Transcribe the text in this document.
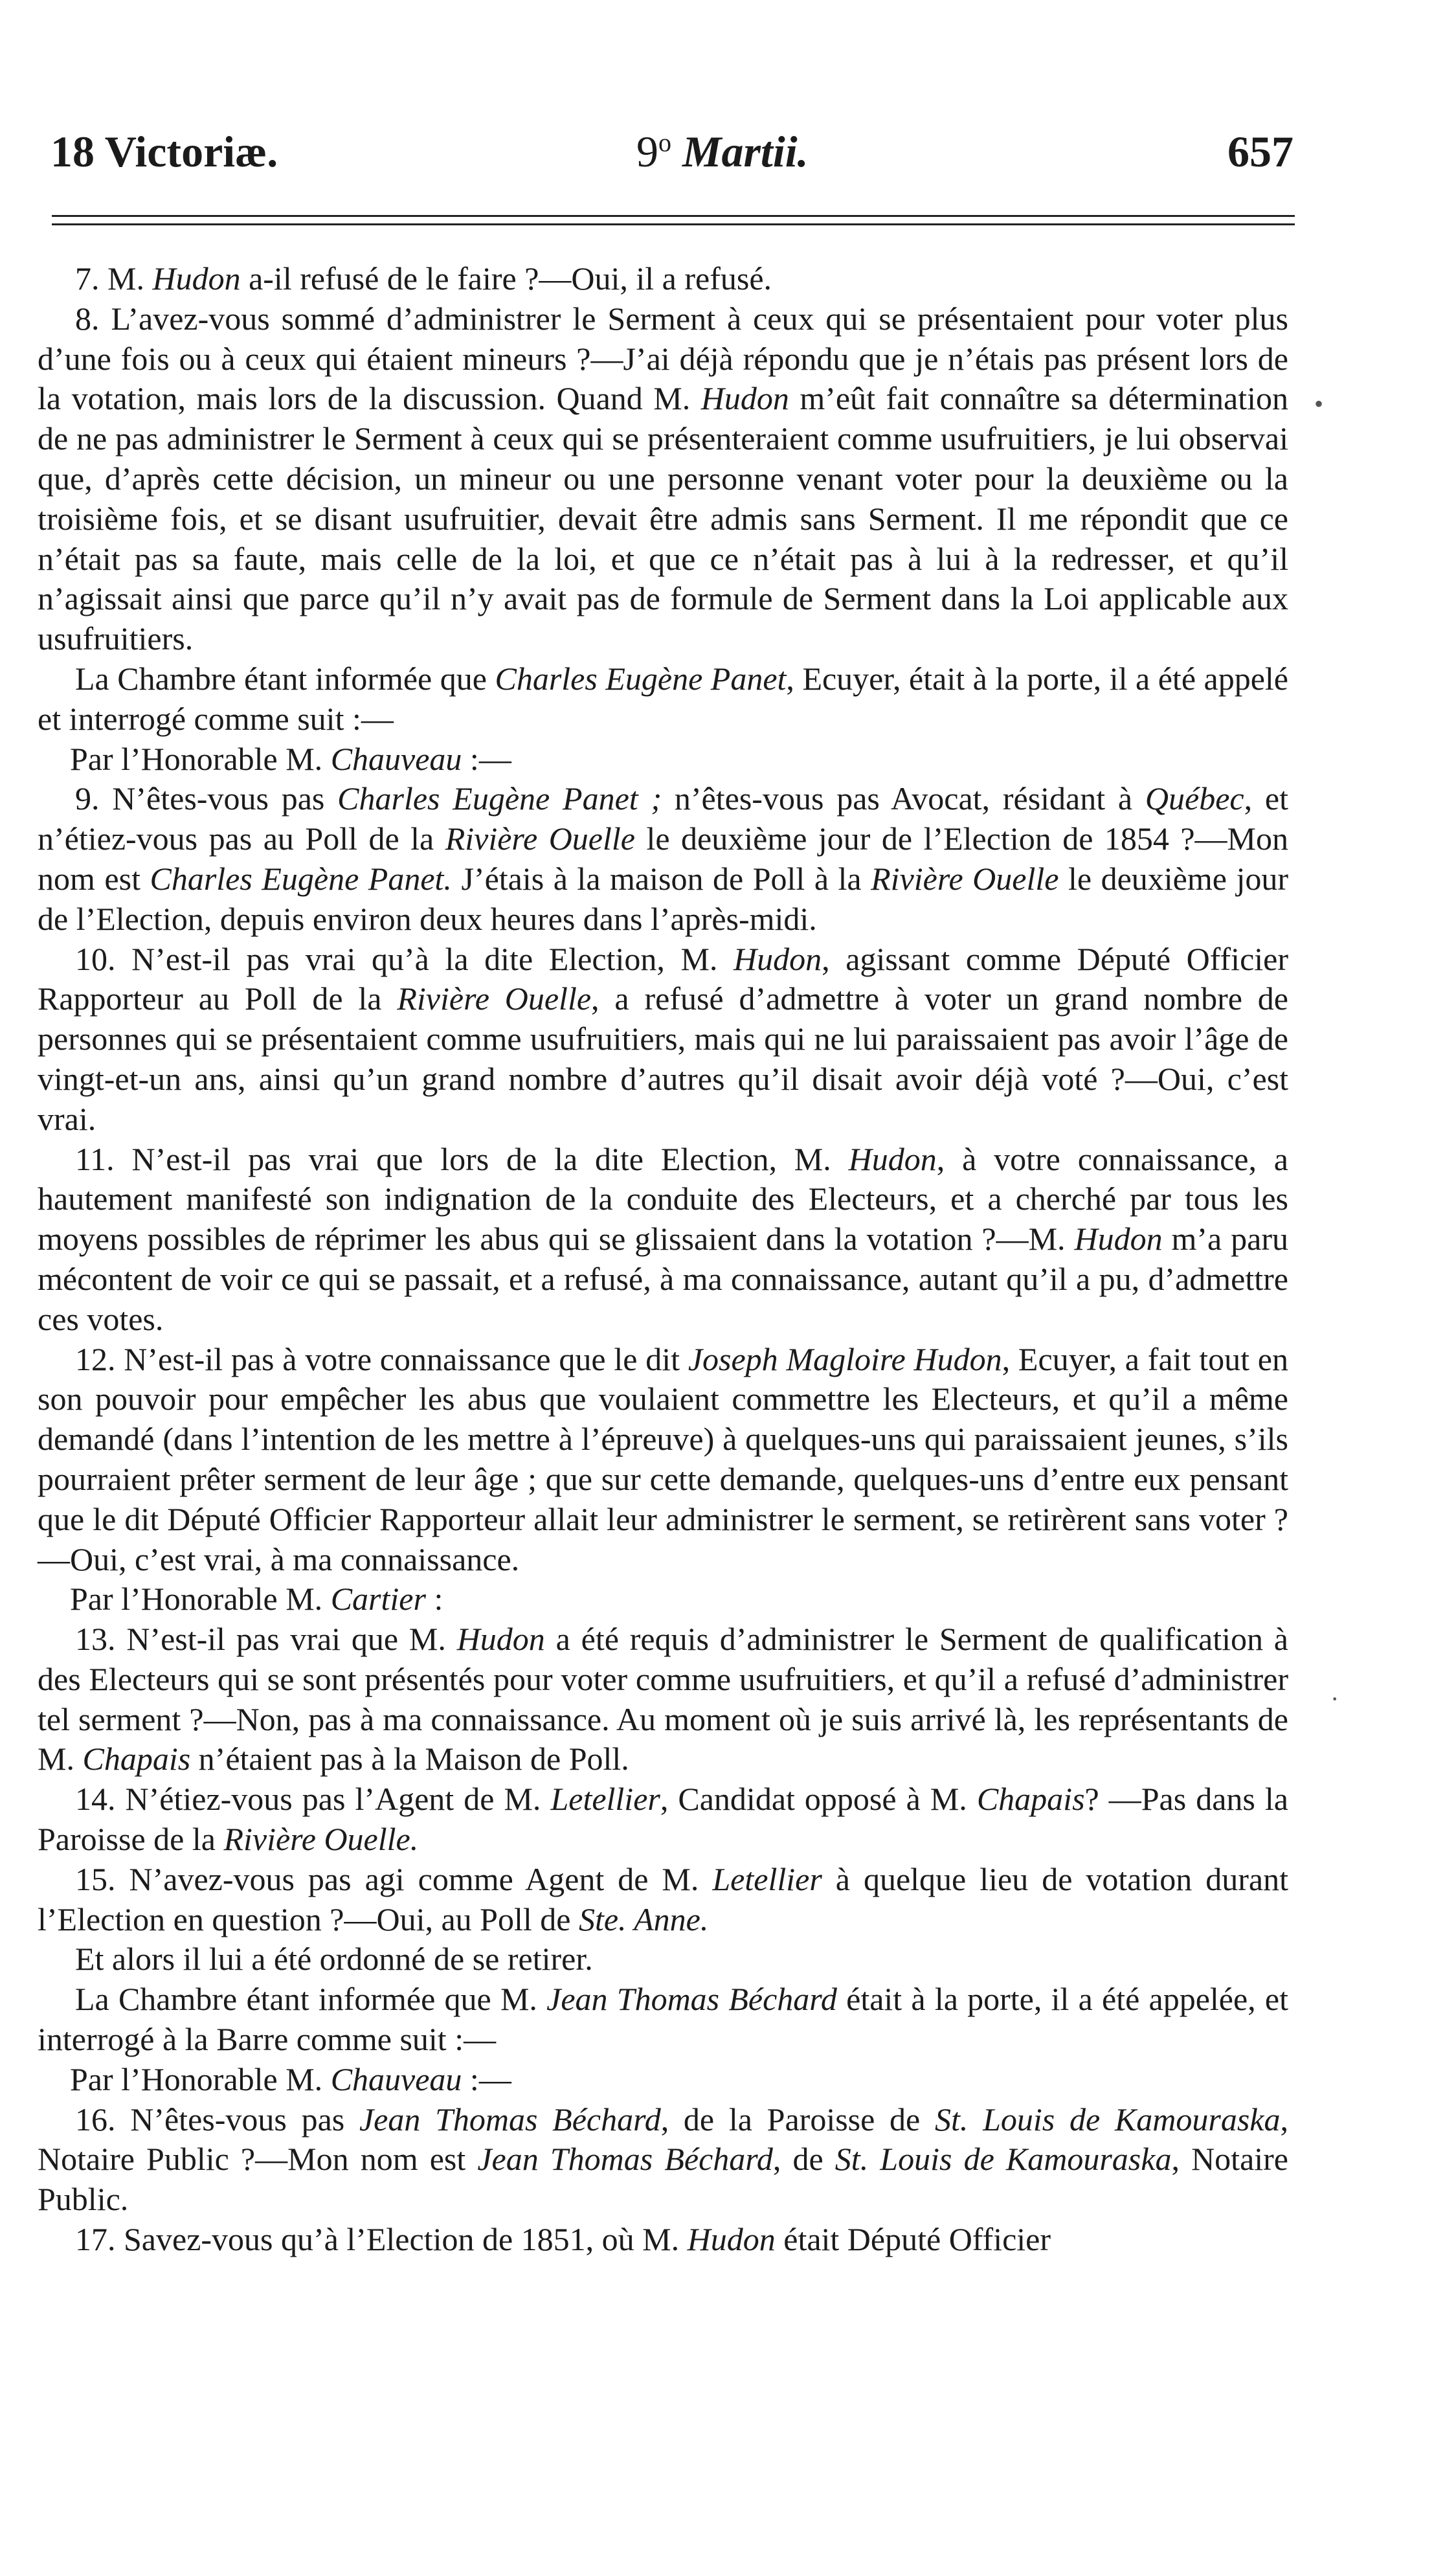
18 Victoriæ.	9$^o$ Martii.	657

7. M. Hudon a-il refusé de le faire ?—Oui, il a refusé.

8. L’avez-vous sommé d’administrer le Serment à ceux qui se présentaient pour voter plus d’une fois ou à ceux qui étaient mineurs ?—J’ai déjà répondu que je n’étais pas présent lors de la votation, mais lors de la discussion. Quand M. Hudon m’eût fait connaître sa détermination de ne pas administrer le Serment à ceux qui se présenteraient comme usufruitiers, je lui observai que, d’après cette décision, un mineur ou une personne venant voter pour la deuxième ou la troisième fois, et se disant usufruitier, devait être admis sans Serment. Il me répondit que ce n’était pas sa faute, mais celle de la loi, et que ce n’était pas à lui à la redresser, et qu’il n’agissait ainsi que parce qu’il n’y avait pas de formule de Serment dans la Loi applicable aux usufruitiers.

La Chambre étant informée que Charles Eugène Panet, Ecuyer, était à la porte, il a été appelé et interrogé comme suit :—

Par l’Honorable M. Chauveau :—

9. N’êtes-vous pas Charles Eugène Panet ; n’êtes-vous pas Avocat, résidant à Québec, et n’étiez-vous pas au Poll de la Rivière Ouelle le deuxième jour de l’Election de 1854 ?—Mon nom est Charles Eugène Panet. J’étais à la maison de Poll à la Rivière Ouelle le deuxième jour de l’Election, depuis environ deux heures dans l’après-midi.

10. N’est-il pas vrai qu’à la dite Election, M. Hudon, agissant comme Député Officier Rapporteur au Poll de la Rivière Ouelle, a refusé d’admettre à voter un grand nombre de personnes qui se présentaient comme usufruitiers, mais qui ne lui paraissaient pas avoir l’âge de vingt-et-un ans, ainsi qu’un grand nombre d’autres qu’il disait avoir déjà voté ?—Oui, c’est vrai.

11. N’est-il pas vrai que lors de la dite Election, M. Hudon, à votre connaissance, a hautement manifesté son indignation de la conduite des Electeurs, et a cherché par tous les moyens possibles de réprimer les abus qui se glissaient dans la votation ?—M. Hudon m’a paru mécontent de voir ce qui se passait, et a refusé, à ma connaissance, autant qu’il a pu, d’admettre ces votes.

12. N’est-il pas à votre connaissance que le dit Joseph Magloire Hudon, Ecuyer, a fait tout en son pouvoir pour empêcher les abus que voulaient commettre les Electeurs, et qu’il a même demandé (dans l’intention de les mettre à l’épreuve) à quelques-uns qui paraissaient jeunes, s’ils pourraient prêter serment de leur âge ; que sur cette demande, quelques-uns d’entre eux pensant que le dit Député Officier Rapporteur allait leur administrer le serment, se retirèrent sans voter ?—Oui, c’est vrai, à ma connaissance.

Par l’Honorable M. Cartier :

13. N’est-il pas vrai que M. Hudon a été requis d’administrer le Serment de qualification à des Electeurs qui se sont présentés pour voter comme usufruitiers, et qu’il a refusé d’administrer tel serment ?—Non, pas à ma connaissance. Au moment où je suis arrivé là, les représentants de M. Chapais n’étaient pas à la Maison de Poll.

14. N’étiez-vous pas l’Agent de M. Letellier, Candidat opposé à M. Chapais? —Pas dans la Paroisse de la Rivière Ouelle.

15. N’avez-vous pas agi comme Agent de M. Letellier à quelque lieu de votation durant l’Election en question ?—Oui, au Poll de Ste. Anne.

Et alors il lui a été ordonné de se retirer.

La Chambre étant informée que M. Jean Thomas Béchard était à la porte, il a été appelée, et interrogé à la Barre comme suit :—

Par l’Honorable M. Chauveau :—

16. N’êtes-vous pas Jean Thomas Béchard, de la Paroisse de St. Louis de Kamouraska, Notaire Public ?—Mon nom est Jean Thomas Béchard, de St. Louis de Kamouraska, Notaire Public.

17. Savez-vous qu’à l’Election de 1851, où M. Hudon était Député Officier

•
·
